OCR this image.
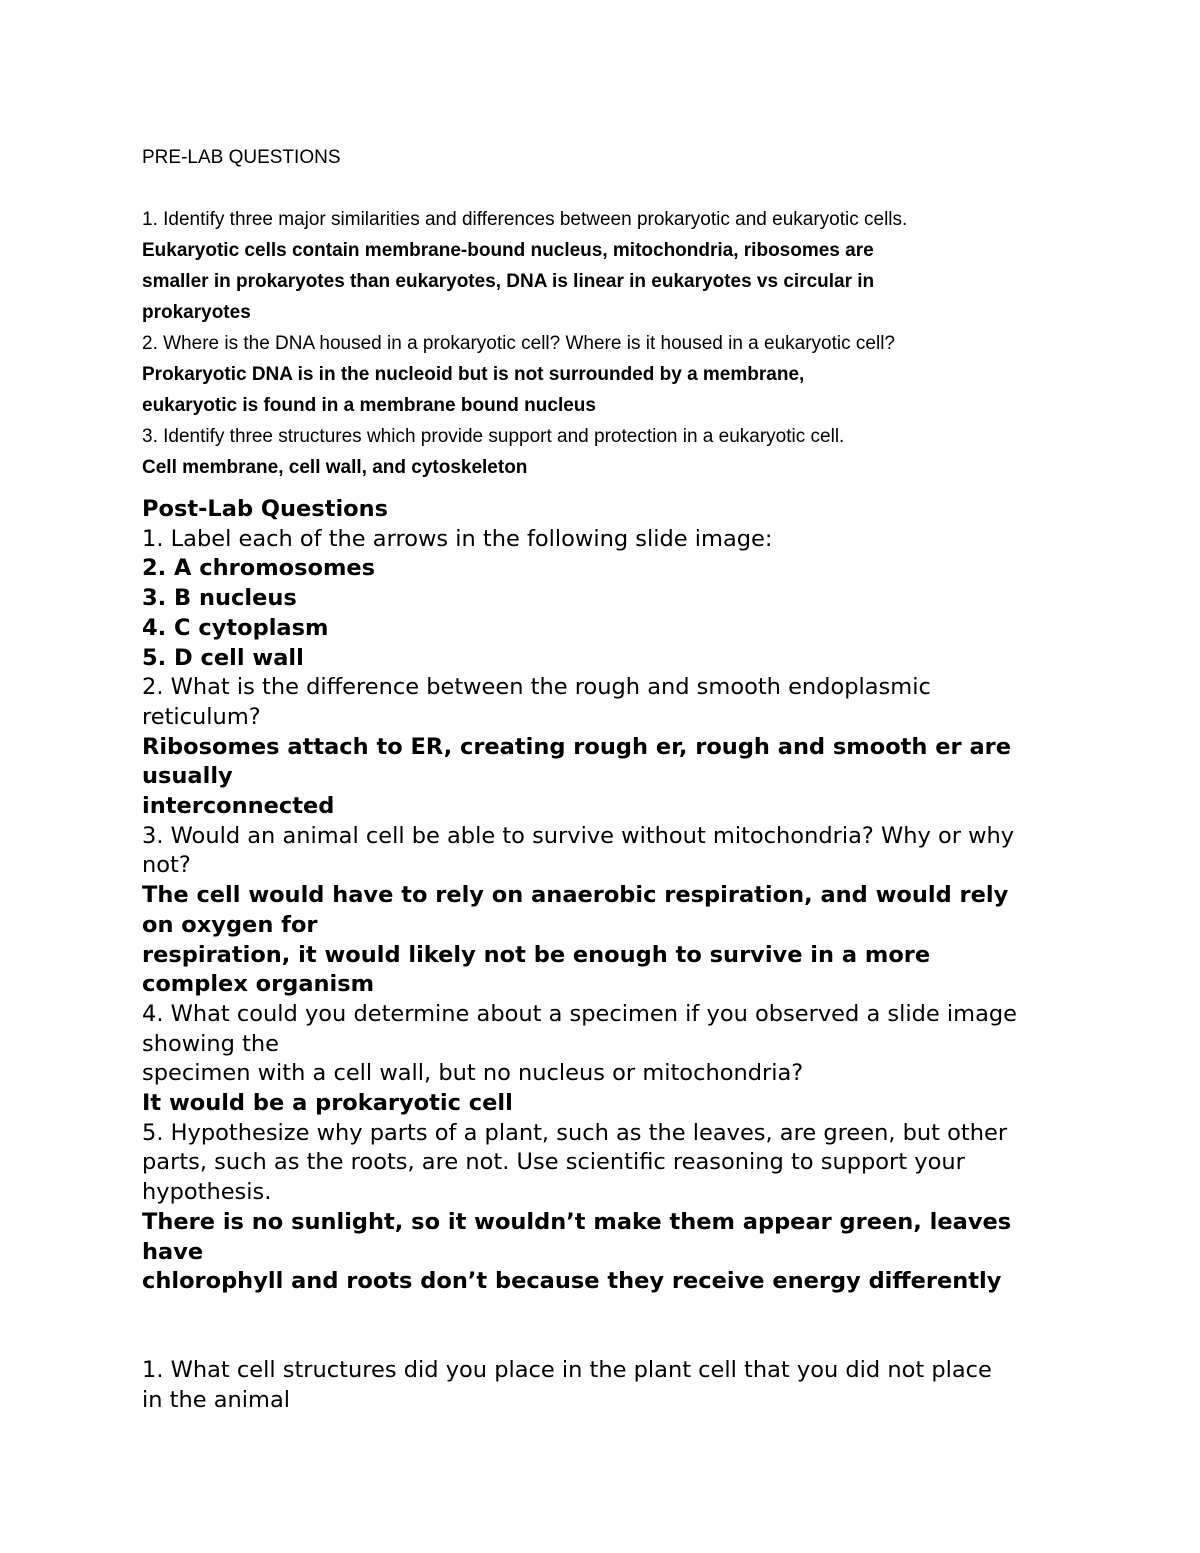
PRE-LAB QUESTIONS
1. Identify three major similarities and differences between prokaryotic and eukaryotic cells.
Eukaryotic cells contain membrane-bound nucleus, mitochondria, ribosomes are
smaller in prokaryotes than eukaryotes, DNA is linear in eukaryotes vs circular in
prokaryotes
2. Where is the DNA housed in a prokaryotic cell? Where is it housed in a eukaryotic cell?
Prokaryotic DNA is in the nucleoid but is not surrounded by a membrane,
eukaryotic is found in a membrane bound nucleus
3. Identify three structures which provide support and protection in a eukaryotic cell.
Cell membrane, cell wall, and cytoskeleton
Post-Lab Questions
1. Label each of the arrows in the following slide image:
2. A chromosomes
3. B nucleus
4. C cytoplasm
5. D cell wall
2. What is the difference between the rough and smooth endoplasmic
reticulum?
Ribosomes attach to ER, creating rough er, rough and smooth er are
usually
interconnected
3. Would an animal cell be able to survive without mitochondria? Why or why
not?
The cell would have to rely on anaerobic respiration, and would rely
on oxygen for
respiration, it would likely not be enough to survive in a more
complex organism
4. What could you determine about a specimen if you observed a slide image
showing the
specimen with a cell wall, but no nucleus or mitochondria?
It would be a prokaryotic cell
5. Hypothesize why parts of a plant, such as the leaves, are green, but other
parts, such as the roots, are not. Use scientific reasoning to support your
hypothesis.
There is no sunlight, so it wouldn’t make them appear green, leaves
have
chlorophyll and roots don’t because they receive energy differently
1. What cell structures did you place in the plant cell that you did not place
in the animal
